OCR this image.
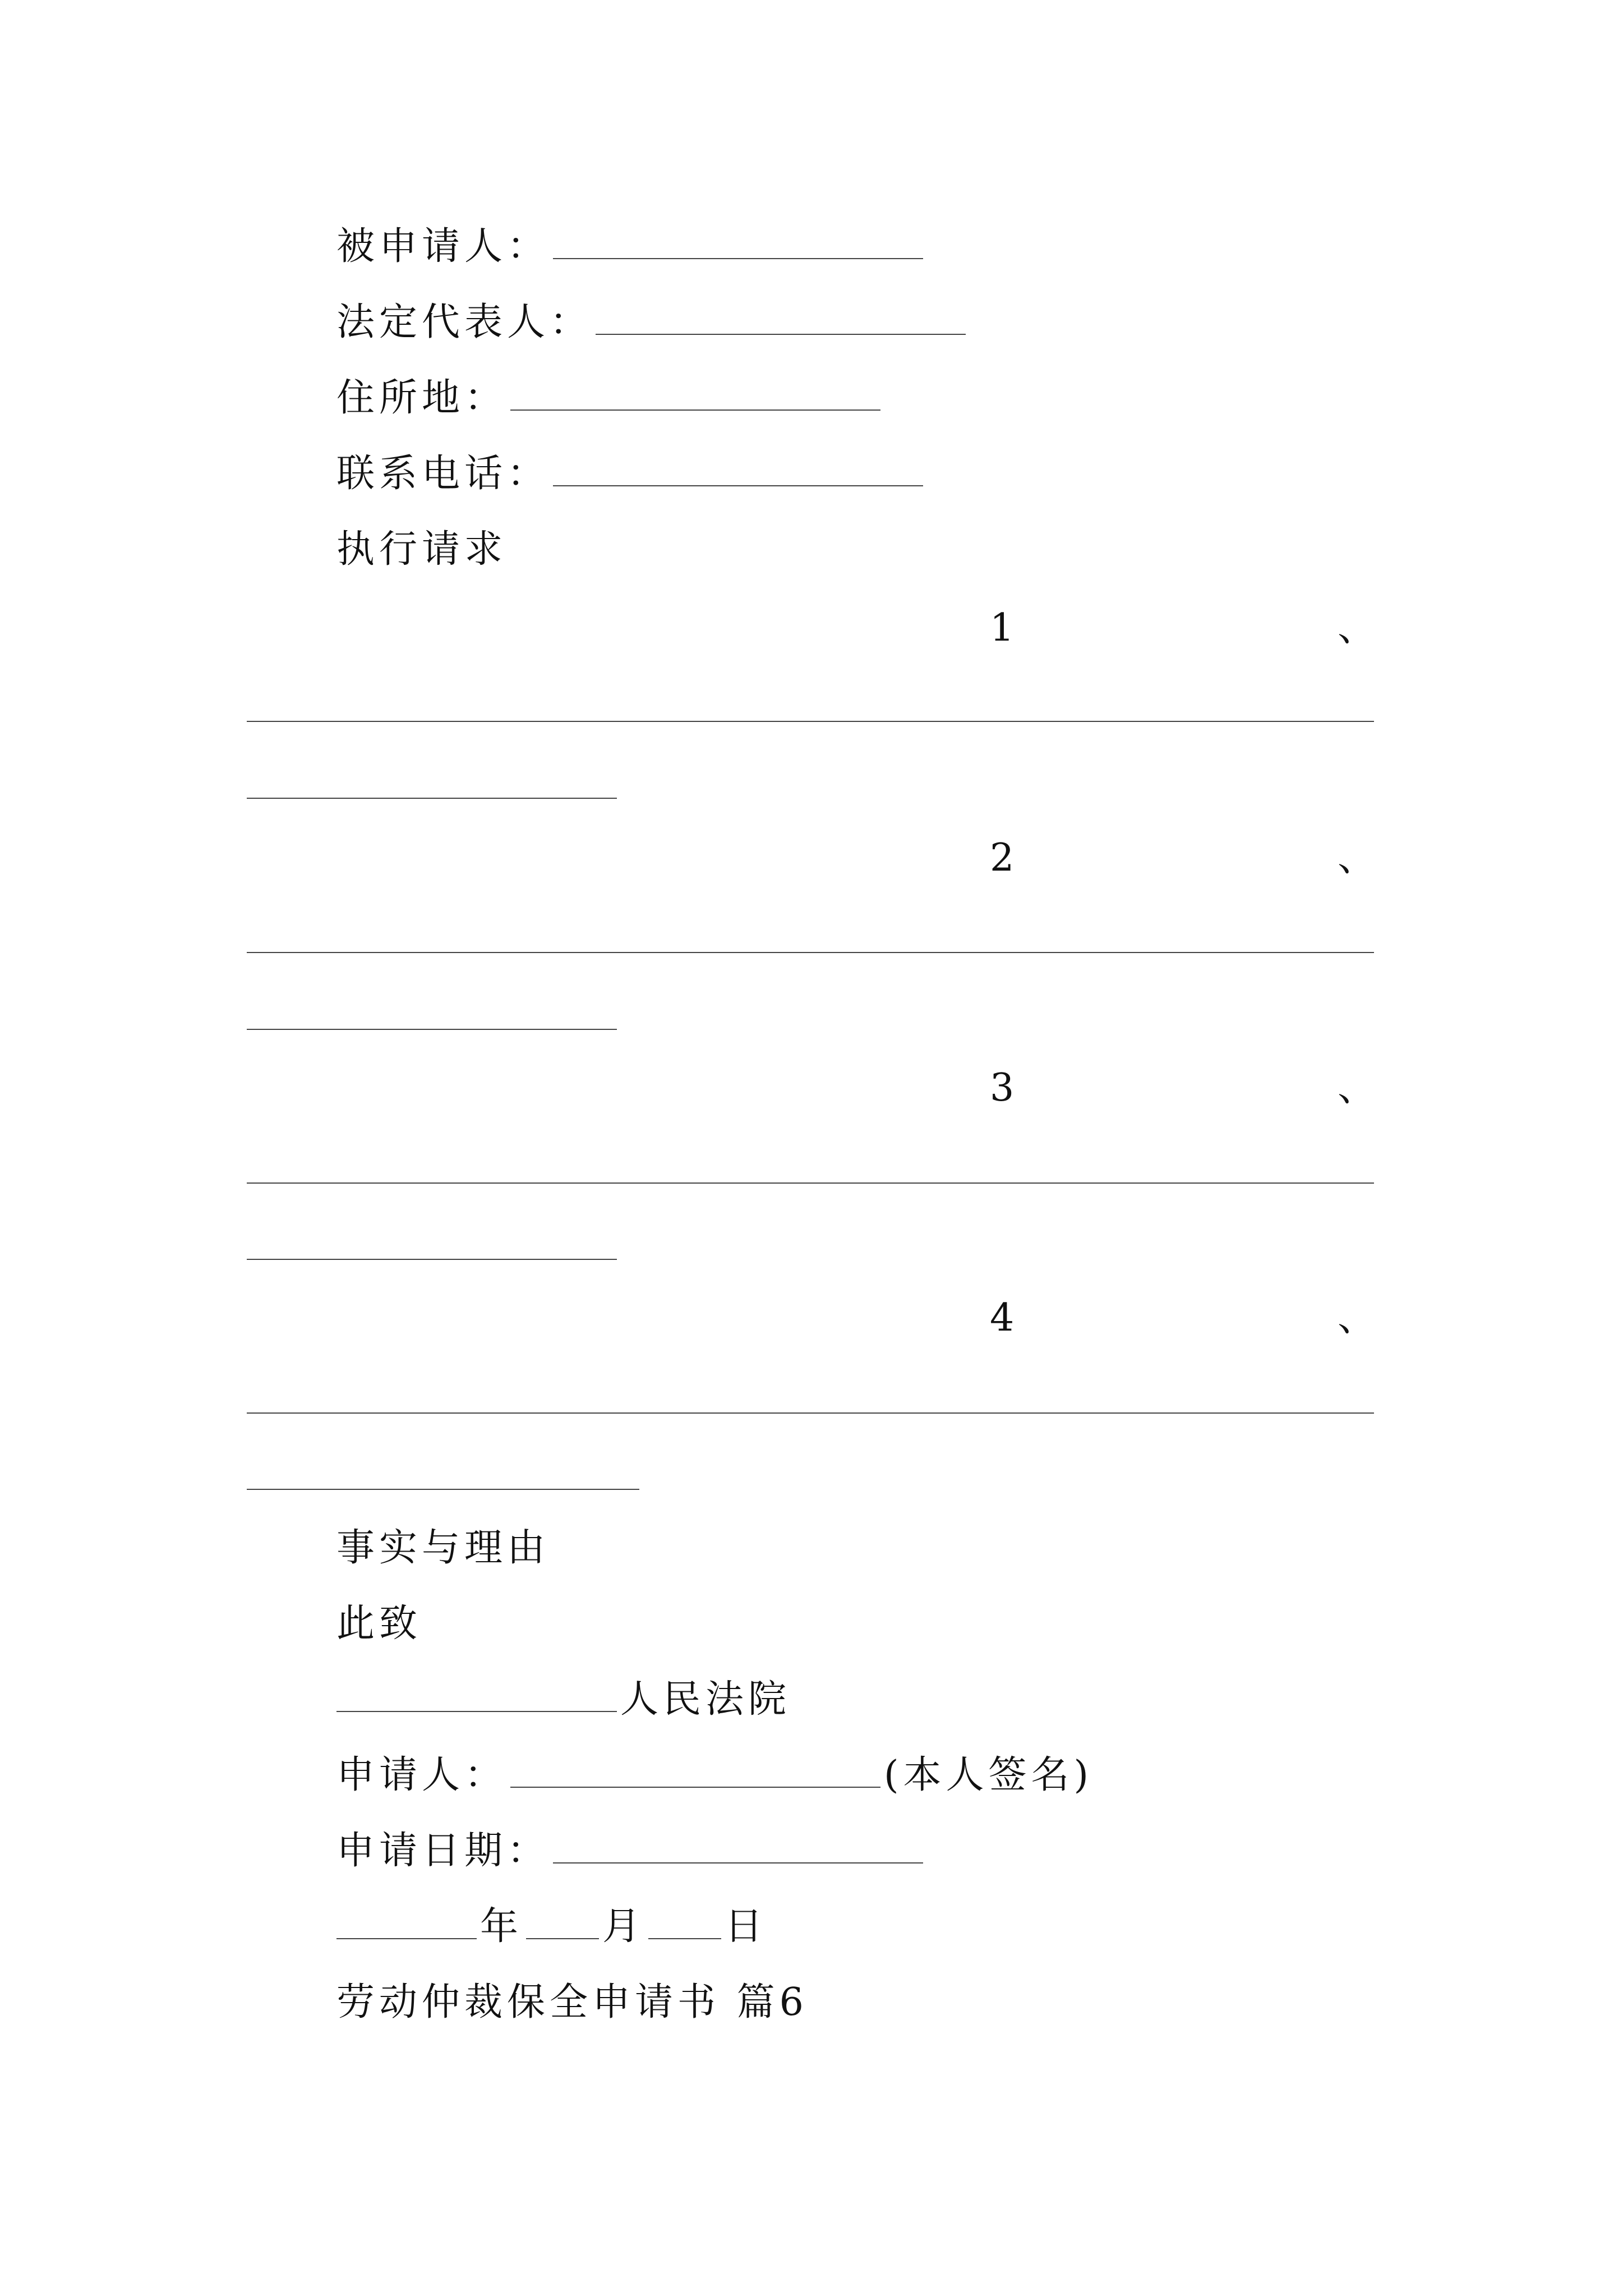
被申请人：
法定代表人：
住所地：
联系电话：
执行请求
1	、
2	、
3	、
4	、
事实与理由
此致
人民法院
申请人：	(本人签名)
申请日期：
年 月 日
劳动仲裁保全申请书 篇6
